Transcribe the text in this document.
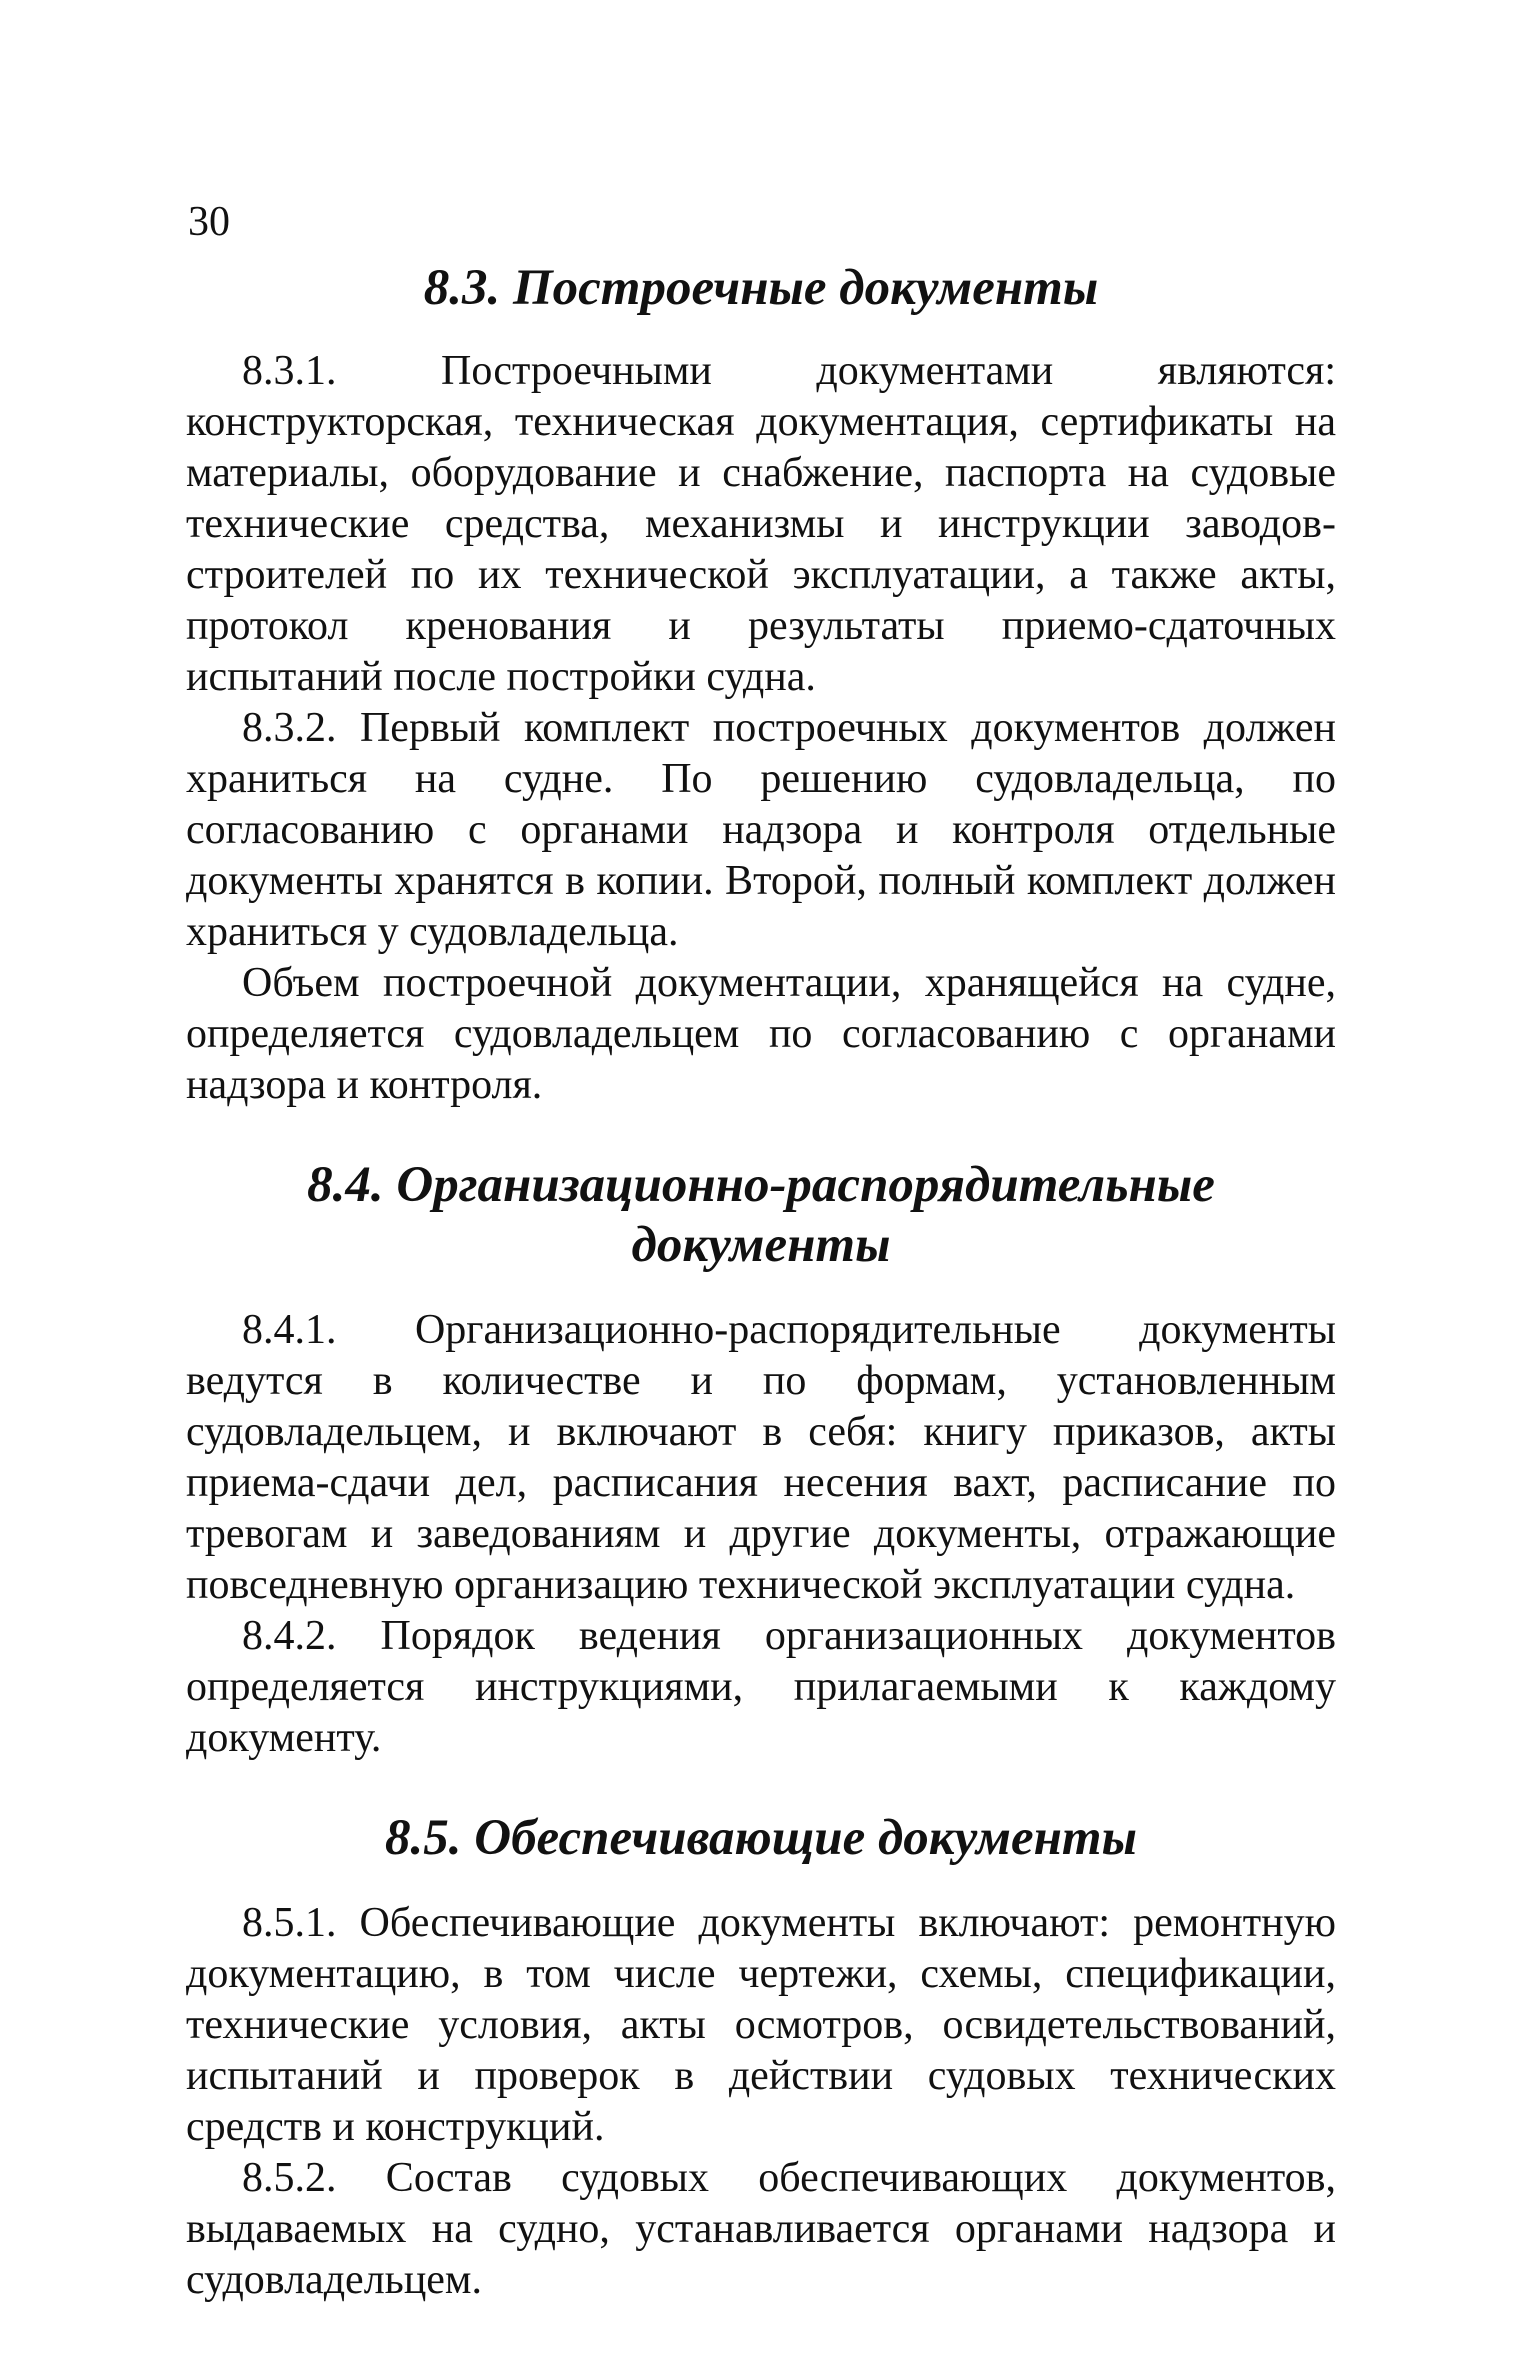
30
8.3. Построечные документы

8.3.1. Построечными документами являются: конструкторская, техническая документация, сертификаты на материалы, оборудование и снабжение, паспорта на судовые технические средства, механизмы и инструкции заводов-строителей по их технической эксплуатации, а также акты, протокол кренования и результаты приемо-сдаточных испытаний после постройки судна.

8.3.2. Первый комплект построечных документов должен храниться на судне. По решению судовладельца, по согласованию с органами надзора и контроля отдельные документы хранятся в копии. Второй, полный комплект должен храниться у судовладельца.

Объем построечной документации, хранящейся на судне, определяется судовладельцем по согласованию с органами надзора и контроля.

8.4. Организационно-распорядительные документы

8.4.1. Организационно-распорядительные документы ведутся в количестве и по формам, установленным судовладельцем, и включают в себя: книгу приказов, акты приема-сдачи дел, расписания несения вахт, расписание по тревогам и заведованиям и другие документы, отражающие повседневную организацию технической эксплуатации судна.

8.4.2. Порядок ведения организационных документов определяется инструкциями, прилагаемыми к каждому документу.

8.5. Обеспечивающие документы

8.5.1. Обеспечивающие документы включают: ремонтную документацию, в том числе чертежи, схемы, спецификации, технические условия, акты осмотров, освидетельствований, испытаний и проверок в действии судовых технических средств и конструкций.

8.5.2. Состав судовых обеспечивающих документов, выдаваемых на судно, устанавливается органами надзора и судовладельцем.
